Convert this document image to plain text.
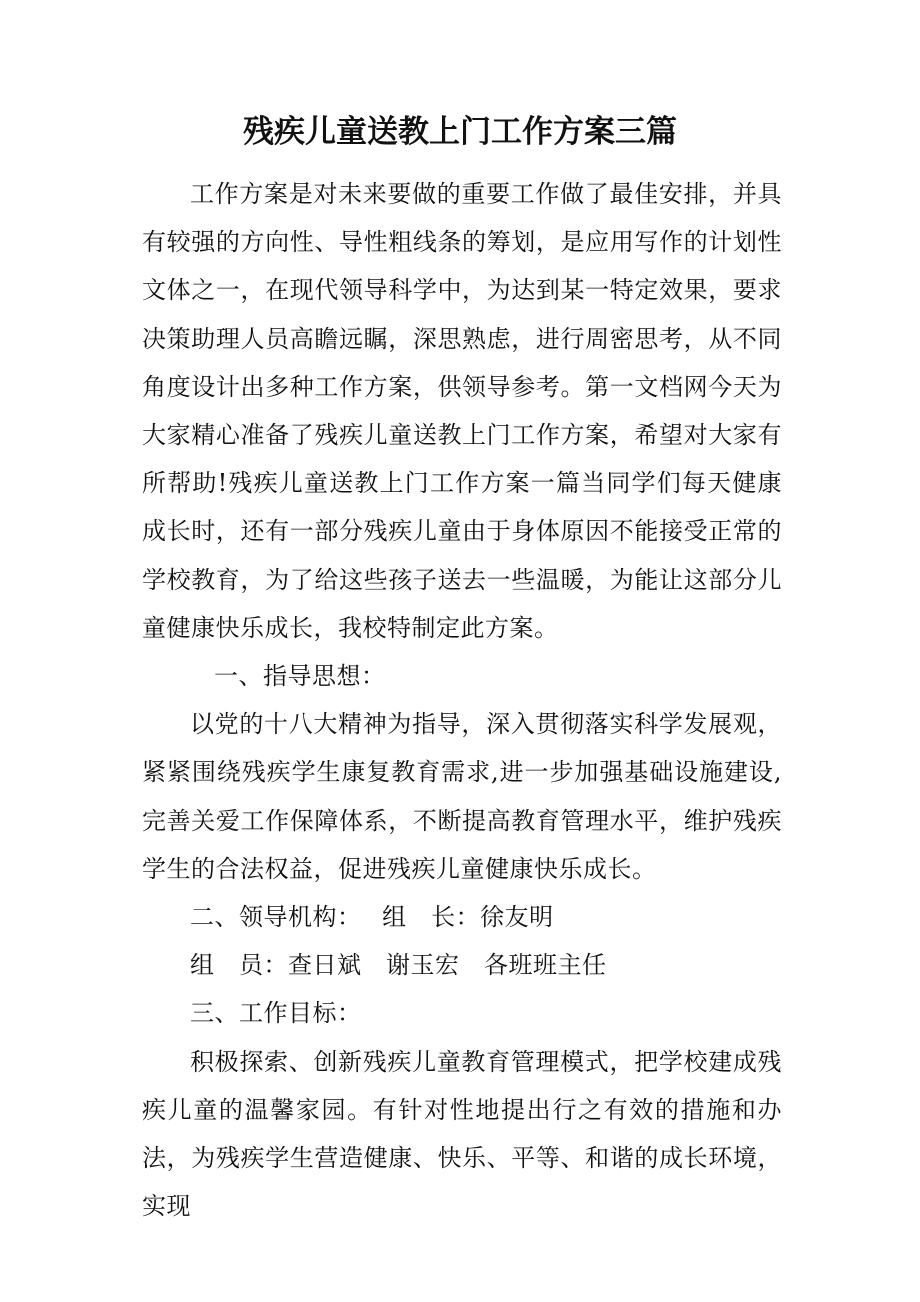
残疾儿童送教上门工作方案三篇

工作方案是对未来要做的重要工作做了最佳安排，并具有较强的方向性、导性粗线条的筹划，是应用写作的计划性文体之一，在现代领导科学中，为达到某一特定效果，要求决策助理人员高瞻远瞩，深思熟虑，进行周密思考，从不同角度设计出多种工作方案，供领导参考。第一文档网今天为大家精心准备了残疾儿童送教上门工作方案，希望对大家有所帮助!残疾儿童送教上门工作方案一篇当同学们每天健康成长时，还有一部分残疾儿童由于身体原因不能接受正常的学校教育，为了给这些孩子送去一些温暖，为能让这部分儿童健康快乐成长，我校特制定此方案。

一、指导思想：

以党的十八大精神为指导，深入贯彻落实科学发展观，紧紧围绕残疾学生康复教育需求,进一步加强基础设施建设,完善关爱工作保障体系，不断提高教育管理水平，维护残疾学生的合法权益，促进残疾儿童健康快乐成长。

二、领导机构：　 组　长：徐友明

组　员：查日斌　谢玉宏　各班班主任

三、工作目标：

积极探索、创新残疾儿童教育管理模式，把学校建成残疾儿童的温馨家园。有针对性地提出行之有效的措施和办法，为残疾学生营造健康、快乐、平等、和谐的成长环境，实现
